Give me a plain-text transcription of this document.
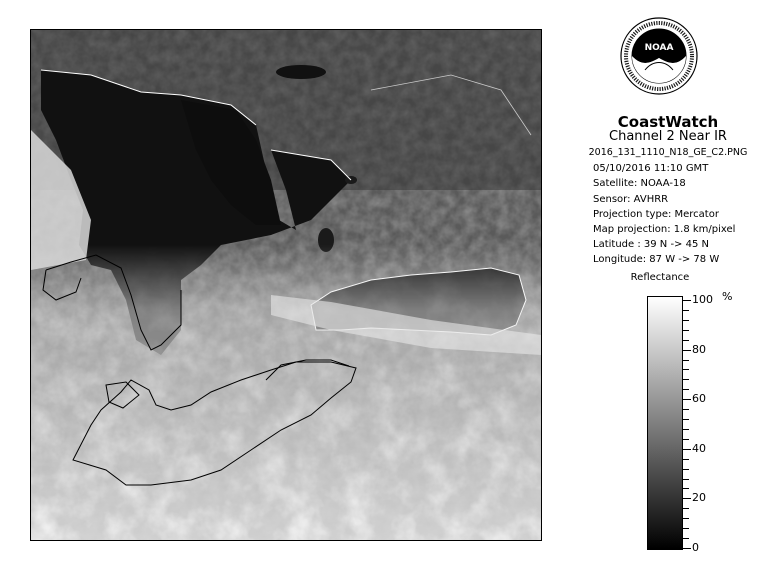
NOAA
CoastWatch
Channel 2 Near IR
2016_131_1110_N18_GE_C2.PNG
05/10/2016 11:10 GMT
Satellite: NOAA-18
Sensor: AVHRR
Projection type: Mercator
Map projection: 1.8 km/pixel
Latitude : 39 N -> 45 N
Longitude: 87 W -> 78 W
Reflectance
%
100
80
60
40
20
0
